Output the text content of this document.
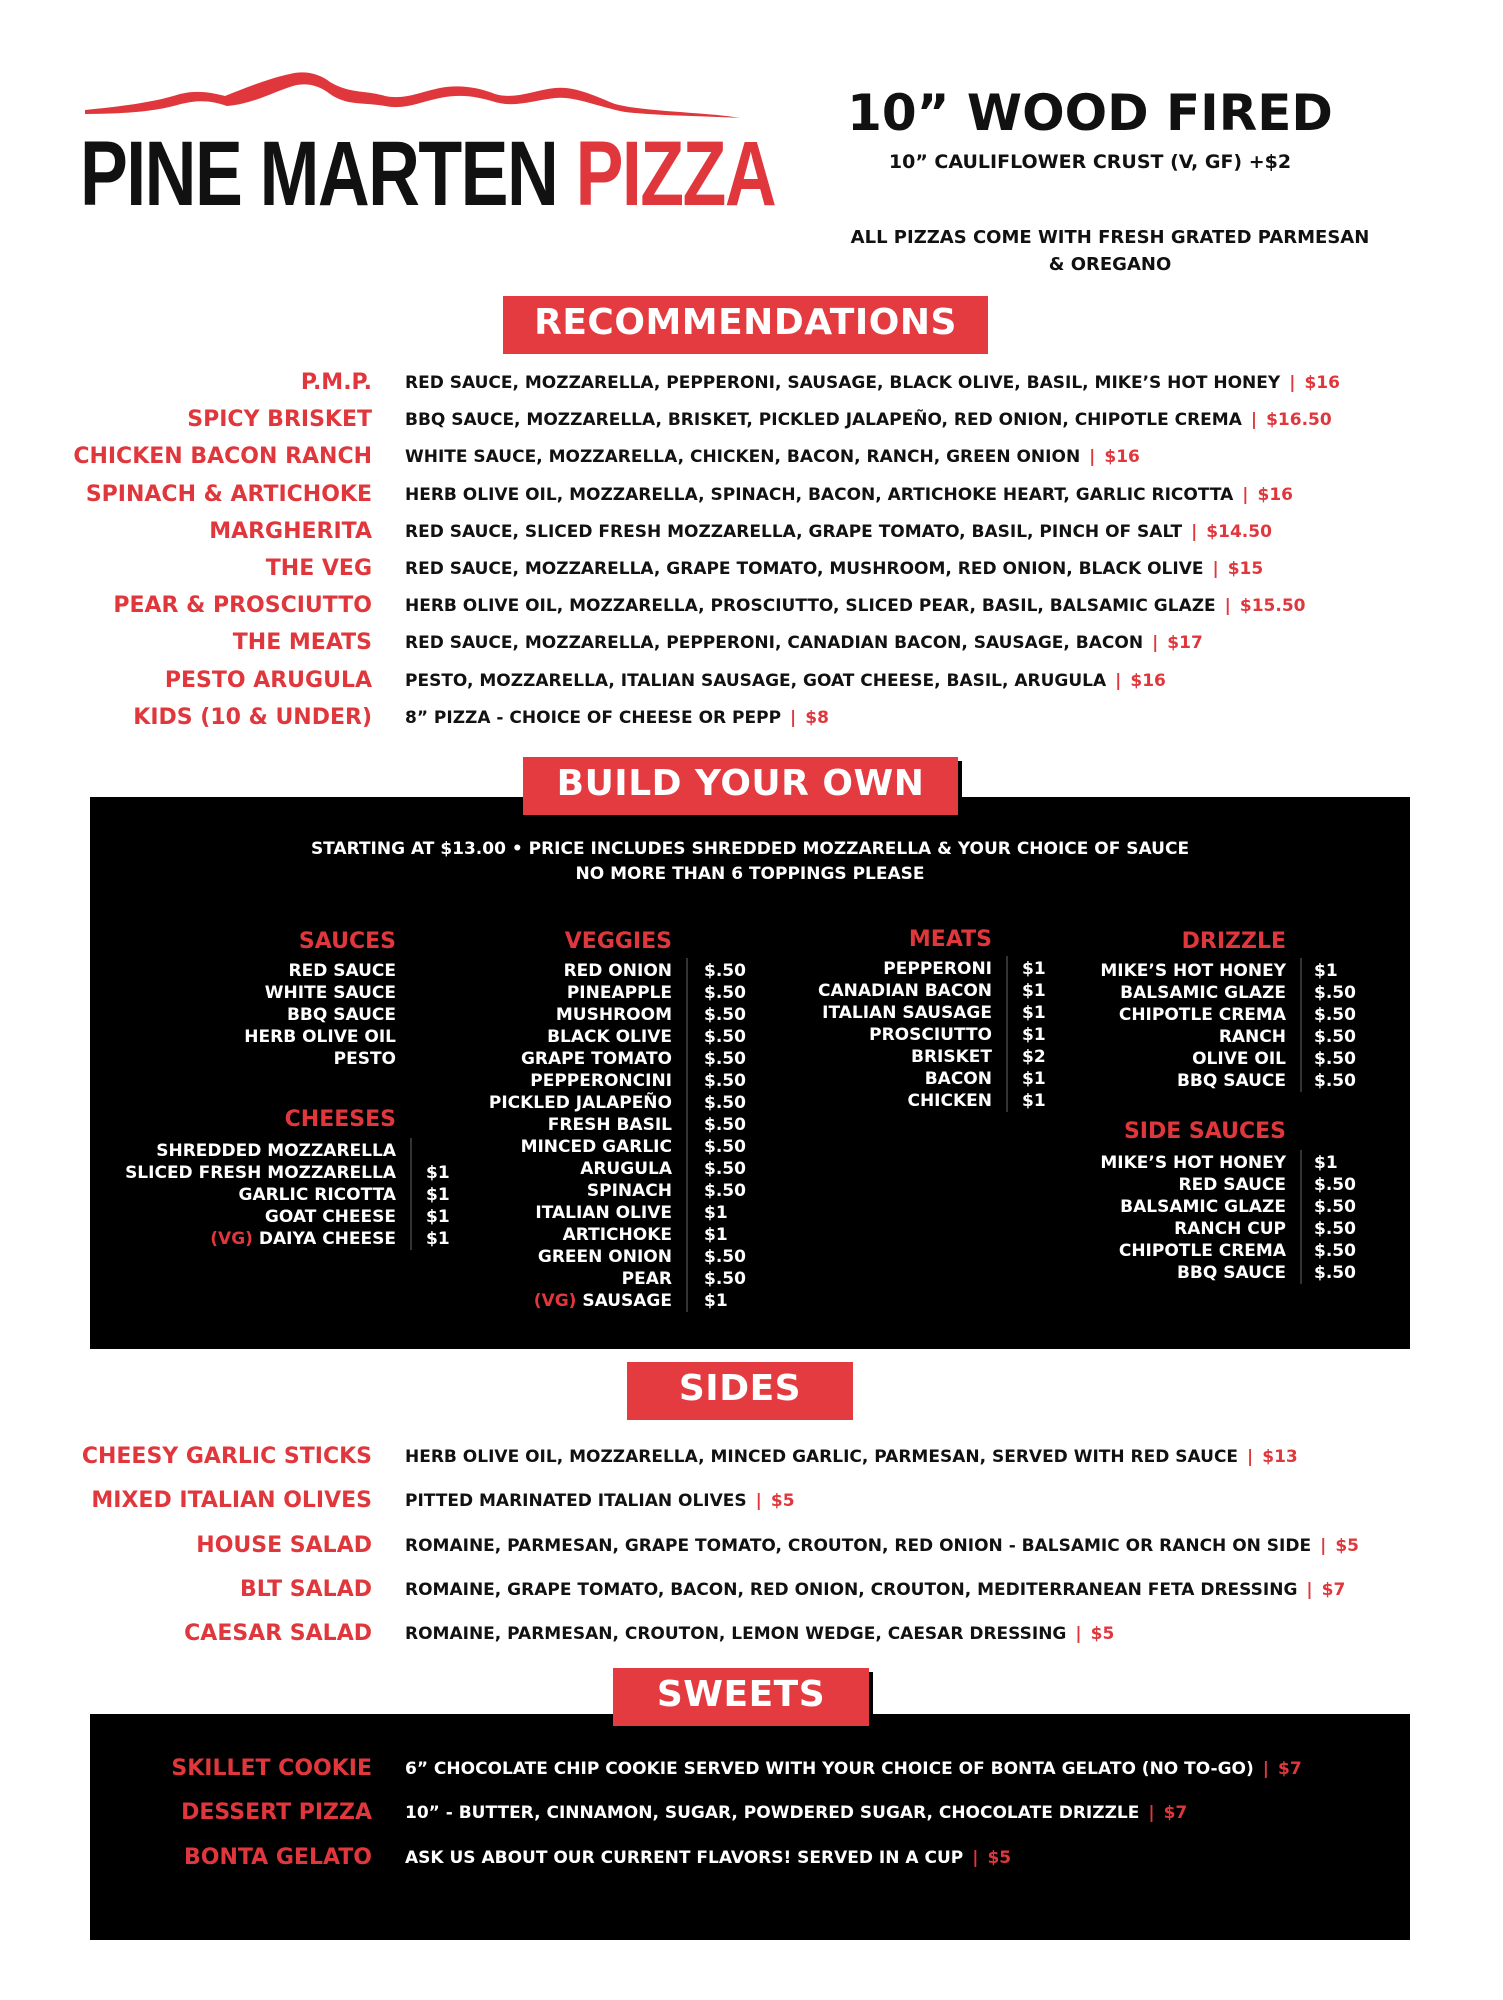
PINE MARTEN PIZZA
10” WOOD FIRED
10” CAULIFLOWER CRUST (V, GF) +$2
ALL PIZZAS COME WITH FRESH GRATED PARMESAN
& OREGANO
RECOMMENDATIONS
P.M.P. RED SAUCE, MOZZARELLA, PEPPERONI, SAUSAGE, BLACK OLIVE, BASIL, MIKE’S HOT HONEY | $16
SPICY BRISKET BBQ SAUCE, MOZZARELLA, BRISKET, PICKLED JALAPEÑO, RED ONION, CHIPOTLE CREMA | $16.50
CHICKEN BACON RANCH WHITE SAUCE, MOZZARELLA, CHICKEN, BACON, RANCH, GREEN ONION | $16
SPINACH & ARTICHOKE HERB OLIVE OIL, MOZZARELLA, SPINACH, BACON, ARTICHOKE HEART, GARLIC RICOTTA | $16
MARGHERITA RED SAUCE, SLICED FRESH MOZZARELLA, GRAPE TOMATO, BASIL, PINCH OF SALT | $14.50
THE VEG RED SAUCE, MOZZARELLA, GRAPE TOMATO, MUSHROOM, RED ONION, BLACK OLIVE | $15
PEAR & PROSCIUTTO HERB OLIVE OIL, MOZZARELLA, PROSCIUTTO, SLICED PEAR, BASIL, BALSAMIC GLAZE | $15.50
THE MEATS RED SAUCE, MOZZARELLA, PEPPERONI, CANADIAN BACON, SAUSAGE, BACON | $17
PESTO ARUGULA PESTO, MOZZARELLA, ITALIAN SAUSAGE, GOAT CHEESE, BASIL, ARUGULA | $16
KIDS (10 & UNDER) 8” PIZZA - CHOICE OF CHEESE OR PEPP | $8
STARTING AT $13.00 • PRICE INCLUDES SHREDDED MOZZARELLA & YOUR CHOICE OF SAUCE
NO MORE THAN 6 TOPPINGS PLEASE
SAUCES
RED SAUCE
WHITE SAUCE
BBQ SAUCE
HERB OLIVE OIL
PESTO
CHEESES
SHREDDED MOZZARELLA
SLICED FRESH MOZZARELLA $1
GARLIC RICOTTA $1
GOAT CHEESE $1
(VG) DAIYA CHEESE $1
VEGGIES
RED ONION $.50
PINEAPPLE $.50
MUSHROOM $.50
BLACK OLIVE $.50
GRAPE TOMATO $.50
PEPPERONCINI $.50
PICKLED JALAPEÑO $.50
FRESH BASIL $.50
MINCED GARLIC $.50
ARUGULA $.50
SPINACH $.50
ITALIAN OLIVE $1
ARTICHOKE $1
GREEN ONION $.50
PEAR $.50
(VG) SAUSAGE $1
MEATS
PEPPERONI $1
CANADIAN BACON $1
ITALIAN SAUSAGE $1
PROSCIUTTO $1
BRISKET $2
BACON $1
CHICKEN $1
DRIZZLE
MIKE’S HOT HONEY $1
BALSAMIC GLAZE $.50
CHIPOTLE CREMA $.50
RANCH $.50
OLIVE OIL $.50
BBQ SAUCE $.50
SIDE SAUCES
MIKE’S HOT HONEY $1
RED SAUCE $.50
BALSAMIC GLAZE $.50
RANCH CUP $.50
CHIPOTLE CREMA $.50
BBQ SAUCE $.50
BUILD YOUR OWN
SIDES
CHEESY GARLIC STICKS HERB OLIVE OIL, MOZZARELLA, MINCED GARLIC, PARMESAN, SERVED WITH RED SAUCE | $13
MIXED ITALIAN OLIVES PITTED MARINATED ITALIAN OLIVES | $5
HOUSE SALAD ROMAINE, PARMESAN, GRAPE TOMATO, CROUTON, RED ONION - BALSAMIC OR RANCH ON SIDE | $5
BLT SALAD ROMAINE, GRAPE TOMATO, BACON, RED ONION, CROUTON, MEDITERRANEAN FETA DRESSING | $7
CAESAR SALAD ROMAINE, PARMESAN, CROUTON, LEMON WEDGE, CAESAR DRESSING | $5
SWEETS
SKILLET COOKIE 6” CHOCOLATE CHIP COOKIE SERVED WITH YOUR CHOICE OF BONTA GELATO (NO TO-GO) | $7
DESSERT PIZZA 10” - BUTTER, CINNAMON, SUGAR, POWDERED SUGAR, CHOCOLATE DRIZZLE | $7
BONTA GELATO ASK US ABOUT OUR CURRENT FLAVORS! SERVED IN A CUP | $5
